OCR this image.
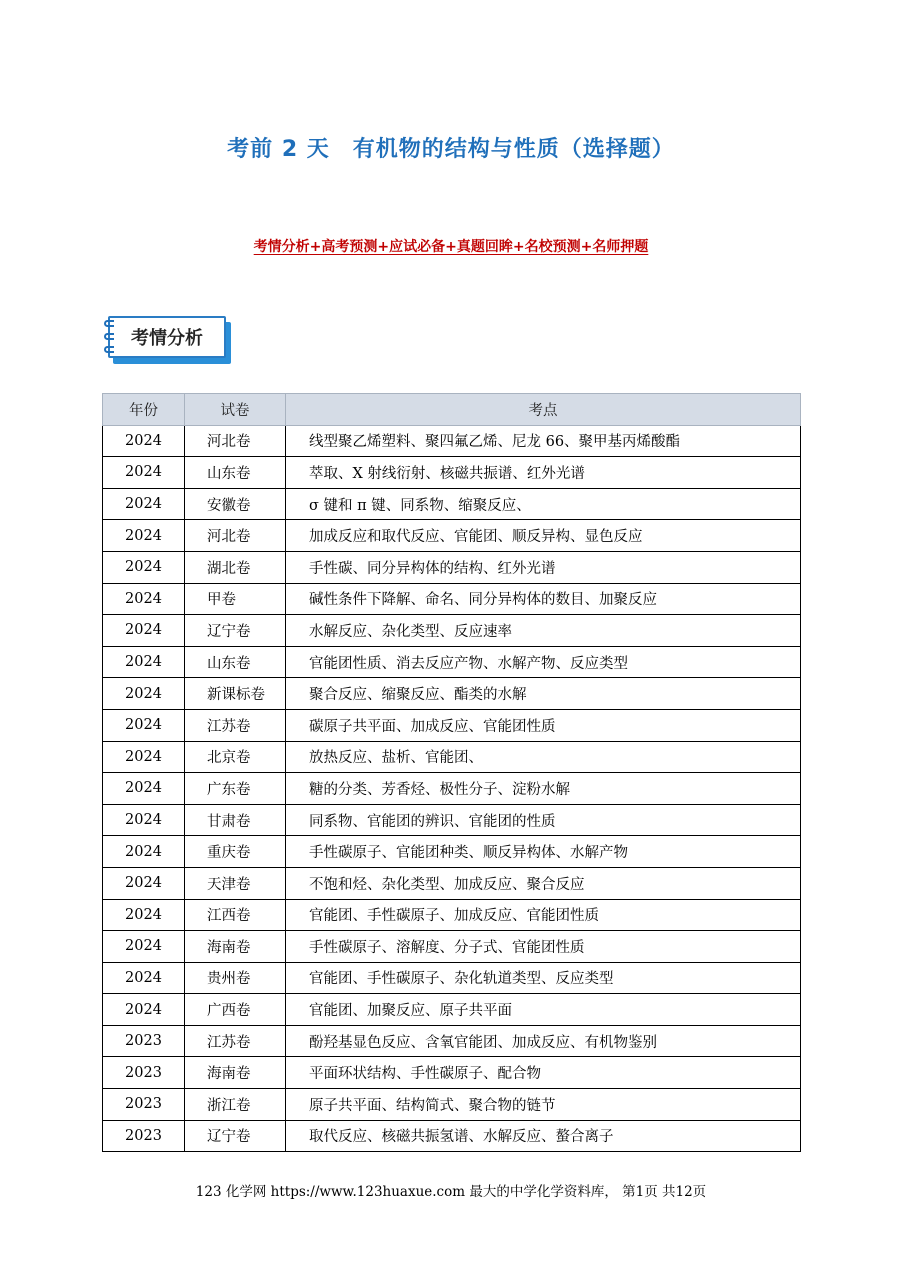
考前 2 天　有机物的结构与性质（选择题）
考情分析+高考预测+应试必备+真题回眸+名校预测+名师押题
考情分析
年份	试卷	考点
2024	河北卷	线型聚乙烯塑料、聚四氟乙烯、尼龙 66、聚甲基丙烯酸酯
2024	山东卷	萃取、X 射线衍射、核磁共振谱、红外光谱
2024	安徽卷	σ 键和 π 键、同系物、缩聚反应、
2024	河北卷	加成反应和取代反应、官能团、顺反异构、显色反应
2024	湖北卷	手性碳、同分异构体的结构、红外光谱
2024	甲卷	碱性条件下降解、命名、同分异构体的数目、加聚反应
2024	辽宁卷	水解反应、杂化类型、反应速率
2024	山东卷	官能团性质、消去反应产物、水解产物、反应类型
2024	新课标卷	聚合反应、缩聚反应、酯类的水解
2024	江苏卷	碳原子共平面、加成反应、官能团性质
2024	北京卷	放热反应、盐析、官能团、
2024	广东卷	糖的分类、芳香烃、极性分子、淀粉水解
2024	甘肃卷	同系物、官能团的辨识、官能团的性质
2024	重庆卷	手性碳原子、官能团种类、顺反异构体、水解产物
2024	天津卷	不饱和烃、杂化类型、加成反应、聚合反应
2024	江西卷	官能团、手性碳原子、加成反应、官能团性质
2024	海南卷	手性碳原子、溶解度、分子式、官能团性质
2024	贵州卷	官能团、手性碳原子、杂化轨道类型、反应类型
2024	广西卷	官能团、加聚反应、原子共平面
2023	江苏卷	酚羟基显色反应、含氧官能团、加成反应、有机物鉴别
2023	海南卷	平面环状结构、手性碳原子、配合物
2023	浙江卷	原子共平面、结构简式、聚合物的链节
2023	辽宁卷	取代反应、核磁共振氢谱、水解反应、螯合离子
123 化学网 https://www.123huaxue.com 最大的中学化学资料库， 第1页 共12页
